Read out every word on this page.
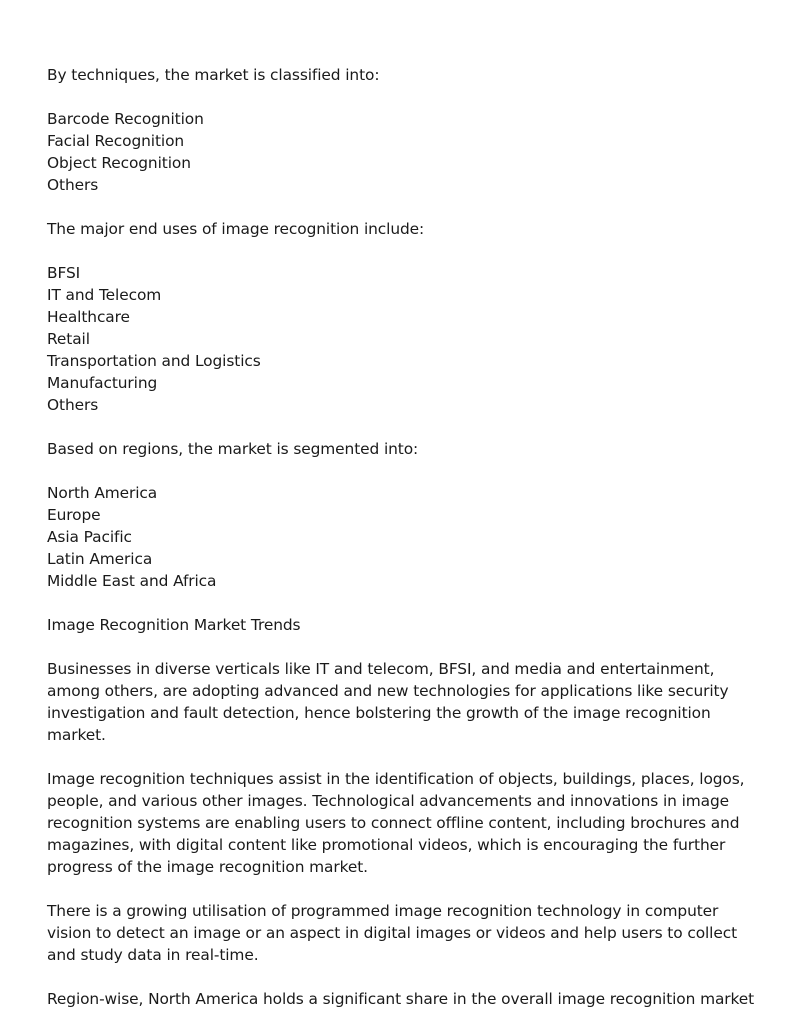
By techniques, the market is classified into:

Barcode Recognition
Facial Recognition
Object Recognition
Others

The major end uses of image recognition include:

BFSI
IT and Telecom
Healthcare
Retail
Transportation and Logistics
Manufacturing
Others

Based on regions, the market is segmented into:

North America
Europe
Asia Pacific
Latin America
Middle East and Africa

Image Recognition Market Trends

Businesses in diverse verticals like IT and telecom, BFSI, and media and entertainment, among others, are adopting advanced and new technologies for applications like security investigation and fault detection, hence bolstering the growth of the image recognition market.

Image recognition techniques assist in the identification of objects, buildings, places, logos, people, and various other images. Technological advancements and innovations in image recognition systems are enabling users to connect offline content, including brochures and magazines, with digital content like promotional videos, which is encouraging the further progress of the image recognition market.

There is a growing utilisation of programmed image recognition technology in computer vision to detect an image or an aspect in digital images or videos and help users to collect and study data in real-time.

Region-wise, North America holds a significant share in the overall image recognition market
